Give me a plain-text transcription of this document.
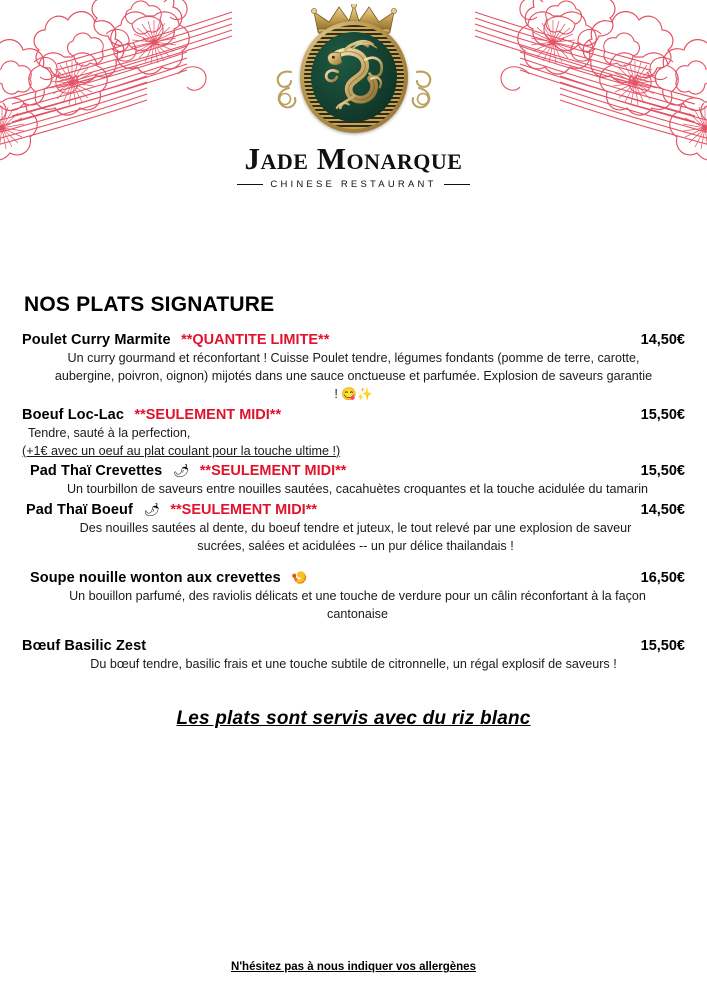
Jade Monarque
CHINESE RESTAURANT
NOS PLATS SIGNATURE
Poulet Curry Marmite **QUANTITE LIMITE**	14,50€
Un curry gourmand et réconfortant ! Cuisse Poulet tendre, légumes fondants (pomme de terre, carotte, aubergine, poivron, oignon) mijotés dans une sauce onctueuse et parfumée. Explosion de saveurs garantie ! 😋✨
Boeuf Loc-Lac **SEULEMENT MIDI**	15,50€
Tendre, sauté à la perfection,
(+1€ avec un oeuf au plat coulant pour la touche ultime !)
Pad Thaï Crevettes 🌶 **SEULEMENT MIDI**	15,50€
Un tourbillon de saveurs entre nouilles sautées, cacahuètes croquantes et la touche acidulée du tamarin
Pad Thaï Boeuf 🌶 **SEULEMENT MIDI**	14,50€
Des nouilles sautées al dente, du boeuf tendre et juteux, le tout relevé par une explosion de saveur sucrées, salées et acidulées -- un pur délice thailandais !
Soupe nouille wonton aux crevettes 🍤	16,50€
Un bouillon parfumé, des raviolis délicats et une touche de verdure pour un câlin réconfortant à la façon cantonaise
Bœuf Basilic Zest	15,50€
Du bœuf tendre, basilic frais et une touche subtile de citronnelle, un régal explosif de saveurs !
Les plats sont servis avec du riz blanc
N'hésitez pas à nous indiquer vos allergènes
